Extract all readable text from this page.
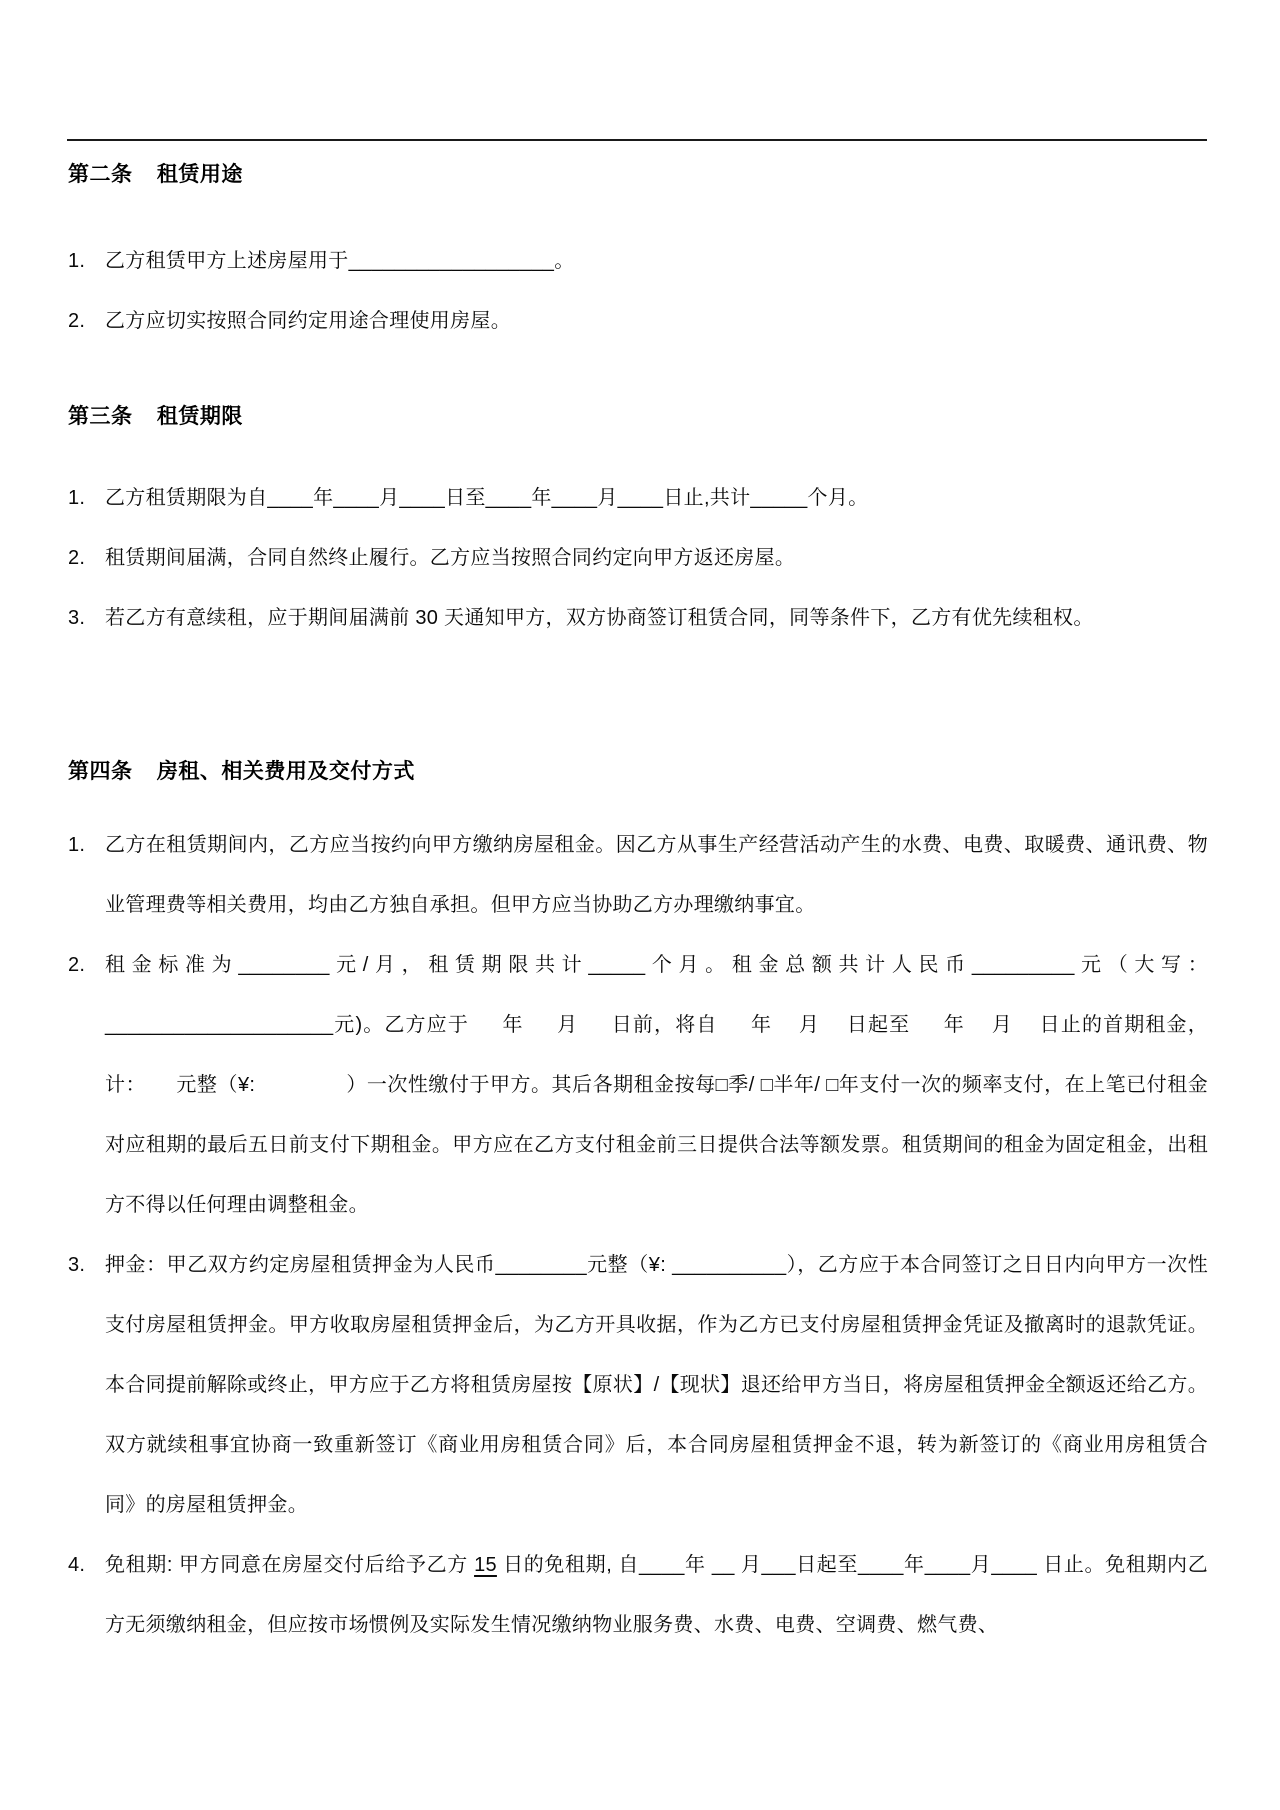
第二条 租赁用途
1. 乙方租赁甲方上述房屋用于__________________。
2. 乙方应切实按照合同约定用途合理使用房屋。
第三条 租赁期限
1. 乙方租赁期限为自____年____月____日至____年____月____日止,共计_____个月。
2. 租赁期间届满，合同自然终止履行。乙方应当按照合同约定向甲方返还房屋。
3. 若乙方有意续租，应于期间届满前 30 天通知甲方，双方协商签订租赁合同，同等条件下，乙方有优先续租权。
第四条 房租、相关费用及交付方式
1. 乙方在租赁期间内，乙方应当按约向甲方缴纳房屋租金。因乙方从事生产经营活动产生的水费、电费、取暖费、通讯费、物业管理费等相关费用，均由乙方独自承担。但甲方应当协助乙方办理缴纳事宜。
2. 租金标准为________元/月，租赁期限共计_____个月。租金总额共计人民币_________元（大写：____________________元)。乙方应于     年     月     日前，将自     年    月    日起至     年    月    日止的首期租金，计：     元整（¥:               ）一次性缴付于甲方。其后各期租金按每□季/ □半年/ □年支付一次的频率支付，在上笔已付租金对应租期的最后五日前支付下期租金。甲方应在乙方支付租金前三日提供合法等额发票。租赁期间的租金为固定租金，出租方不得以任何理由调整租金。
3. 押金：甲乙双方约定房屋租赁押金为人民币________元整（¥: __________），乙方应于本合同签订之日日内向甲方一次性支付房屋租赁押金。甲方收取房屋租赁押金后，为乙方开具收据，作为乙方已支付房屋租赁押金凭证及撤离时的退款凭证。本合同提前解除或终止，甲方应于乙方将租赁房屋按【原状】/【现状】退还给甲方当日，将房屋租赁押金全额返还给乙方。双方就续租事宜协商一致重新签订《商业用房租赁合同》后，本合同房屋租赁押金不退，转为新签订的《商业用房租赁合同》的房屋租赁押金。
4. 免租期: 甲方同意在房屋交付后给予乙方 15 日的免租期, 自____年 __ 月___日起至____年____月____ 日止。免租期内乙方无须缴纳租金，但应按市场惯例及实际发生情况缴纳物业服务费、水费、电费、空调费、燃气费、
